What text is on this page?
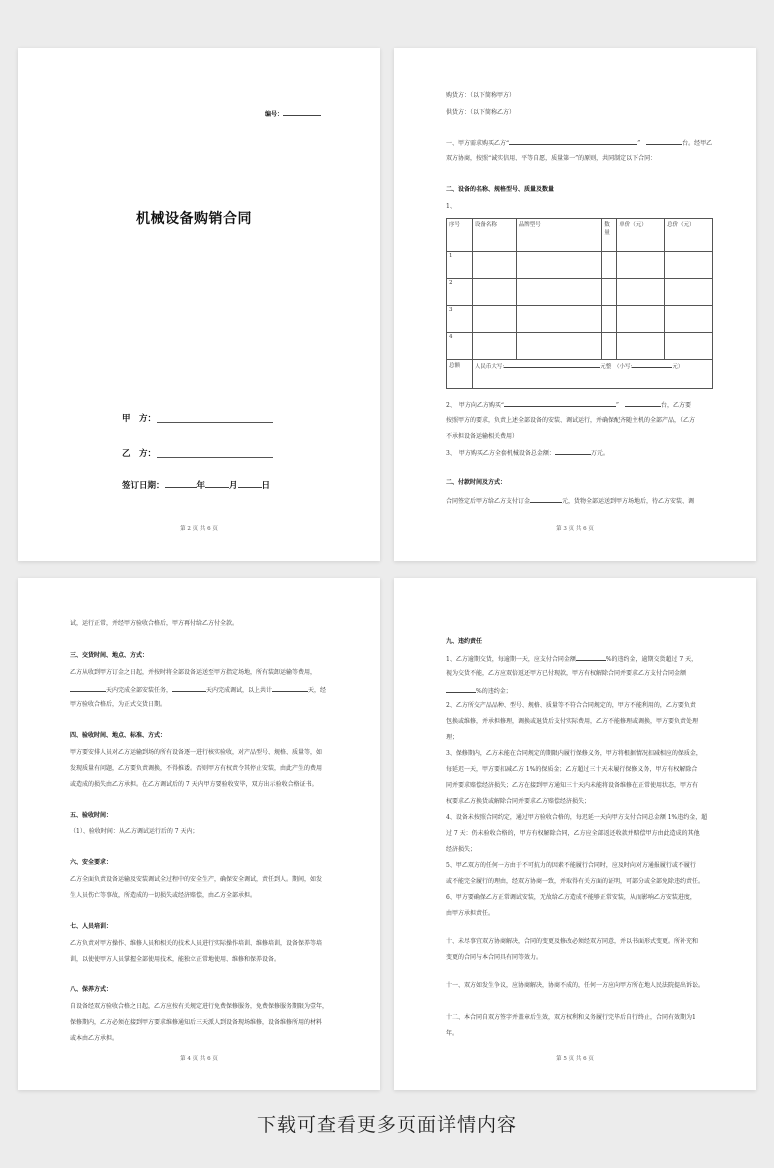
编号：
机械设备购销合同
甲　方：
乙　方：
签订日期：	年	月	日
第 2 页 共 6 页
购货方：（以下简称甲方）
供货方：（以下简称乙方）
一、甲方需求购买乙方“	”	台。经甲乙
双方协商，按照“诚实信用、平等自愿，质量第一”的原则，共同制定以下合同：
二、设备的名称、规格型号、质量及数量
1、
序号	设备名称	品牌型号	数量	单价（元）	总价（元）
1					
2					
3					
4					
总额	人民币大写: 元整　 （小写: 元）				
2、　甲方向乙方购买“	”	台，乙方要
按照甲方的要求，负责上述全部设备的安装、调试运行，并确保配齐随主机的全部产品，（乙方
不承担设备运输相关费用）
3、　甲方购买乙方全套机械设备总金额：	万元。
二、付款时间及方式：
合同签定后甲方给乙方支付订金	元，货物全部运送到甲方场地后，待乙方安装、调
第 3 页 共 6 页
试，运行正常，并经甲方验收合格后，甲方再付给乙方付全款。
三、交货时间、地点、方式：
乙方从收到甲方订金之日起，并按时将全部设备运送至甲方指定场地，所有装卸运输等费用，
天内完成全部安装任务，	天内完成调试，以上共计	天，经
甲方验收合格后，为正式交货日期。
四、验收时间、地点、标准、方式：
甲方要安排人员对乙方运输到场的所有设备逐一进行核实验收，对产品型号、规格、质量等，如
发现质量有问题，乙方要负责调换，不得推诿。否则甲方有权责令其停止安装，由此产生的费用
或造成的损失由乙方承担。在乙方调试后的 7 天内甲方要验收安毕，双方出示验收合格证书。
五、验收时间：
（1）、验收时间：从乙方调试运行后的 7 天内；
六、安全要求：
乙方全面负责设备运输及安装调试全过程中的安全生产，确保安全调试，责任到人。期间，如发
生人员伤亡等事故，所造成的一切损失或经济赔偿，由乙方全部承担。
七、人员培训：
乙方负责对甲方操作、维修人员和相关的技术人员进行实际操作培训、维修培训，设备保养等培
训，以使使甲方人员掌握全部使用技术，能独立正常地使用、维修和保养设备。
八、保养方式：
自设备经双方验收合格之日起，乙方应按有关规定进行免费保修服务，免费保修服务期限为壹年，
保修期内，乙方必须在接到甲方要求维修通知后三天派人到设备现场维修，设备维修所用的材料
或本由乙方承担。
第 4 页 共 6 页
九、违约责任
1、乙方逾期交货，每逾期一天，应支付合同金额	%的违约金，逾期交货超过 7 天，
视为交货不能，乙方应双倍返还甲方已付现款，甲方有权解除合同并要求乙方支付合同金额
%的违约金；
2、乙方所交产品品种、型号、规格、质量等不符合合同规定的，甲方不能利用的，乙方要负责
包换或维修，并承担修理，调换或退货后支付实际费用，乙方不能修理或调换，甲方要负责处理
理；
3、保修期内，乙方未能在合同规定的期限内履行保修义务，甲方将根据情况扣减相应的保质金，
每延迟一天，甲方要扣减乙方 1%的保质金；乙方超过三十天未履行保修义务，甲方有权解除合
同并要求赔偿经济损失；乙方在接到甲方通知三十天内未能将设备维修在正常使用状态，甲方有
权要求乙方换货或解除合同并要求乙方赔偿经济损失；
4、设备未按照合同约定，通过甲方验收合格的，每迟延一天向甲方支付合同总金额 1%违约金，超
过 7 天：仍未验收合格的，甲方有权解除合同，乙方应全部返还收款并赔偿甲方由此造成的其他
经济损失；
5、甲乙双方的任何一方由于不可抗力的因素不能履行合同时，应及时向对方通报履行或不履行
或不能完全履行的理由，经双方协商一致，并取得有关方面的证明，可部分或全部免除违约责任。
6、甲方要确保乙方正常调试安装，无故给乙方造成不能够正常安装，从而影响乙方安装进度，
由甲方承担责任。
十、未尽事宜双方协商解决，合同的变更及修改必须经双方同意，并以书面形式变更。所补充和
变更的合同与本合同具有同等效力。
十一、双方如发生争议，应协商解决，协商不成的，任何一方应向甲方所在地人民法院提出诉讼。
十二、本合同自双方签字并盖章后生效，双方权利和义务履行完毕后自行终止，合同有效期为1
年。
第 5 页 共 6 页
下载可查看更多页面详情内容
